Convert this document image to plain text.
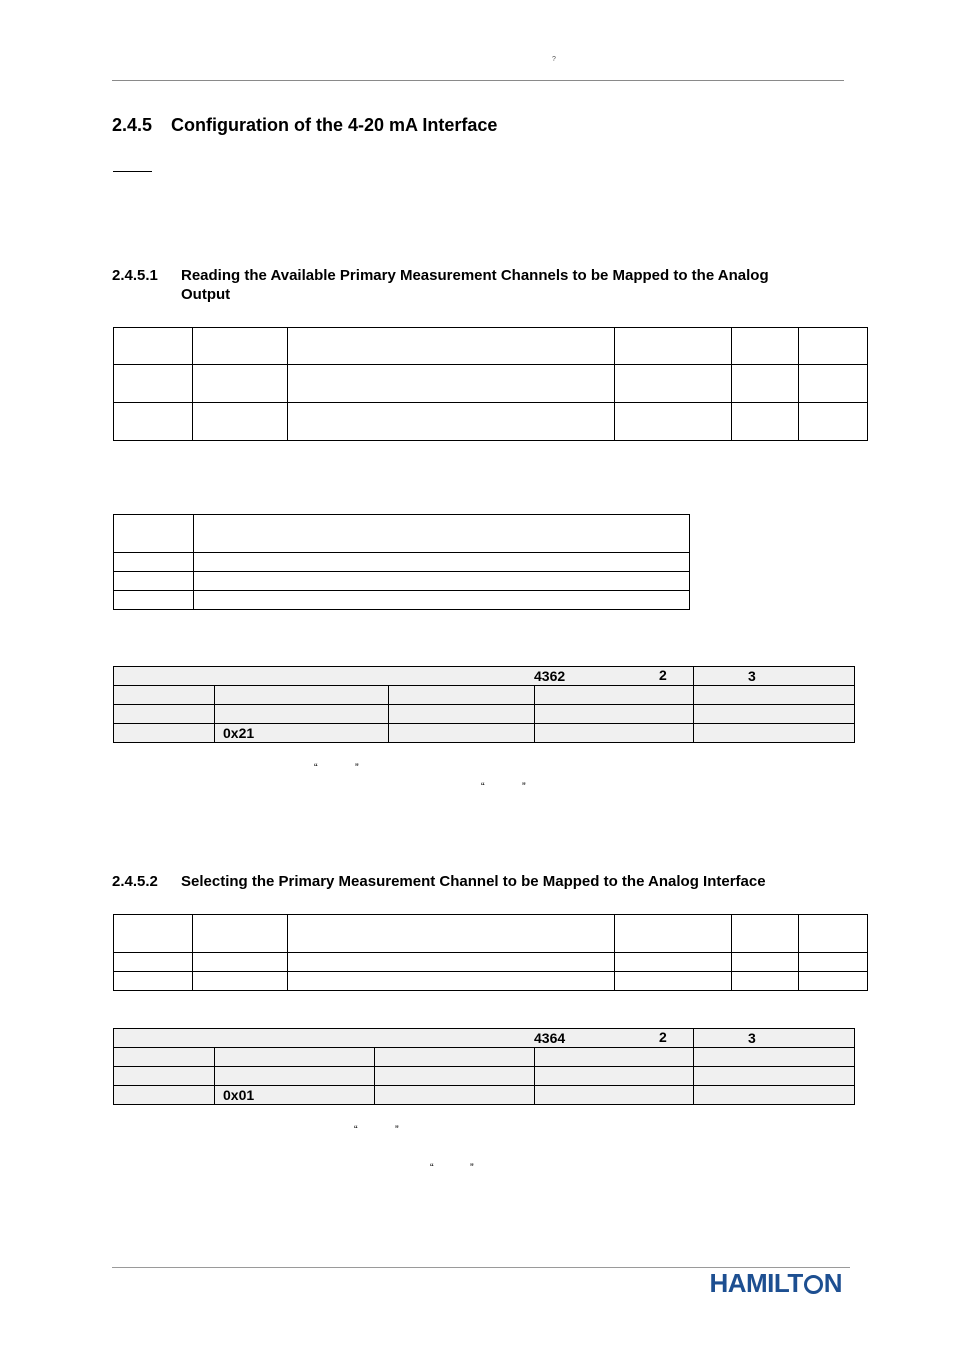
?
2.4.5 Configuration of the 4-20 mA Interface
2.4.5.1 Reading the Available Primary Measurement Channels to be Mapped to the Analog
Output

4362 2				3

	0x21			
“	”
“	”
2.4.5.2 Selecting the Primary Measurement Channel to be Mapped to the Analog Interface

4364 2				3

	0x01			
“	”
“	”
HAMILT N
